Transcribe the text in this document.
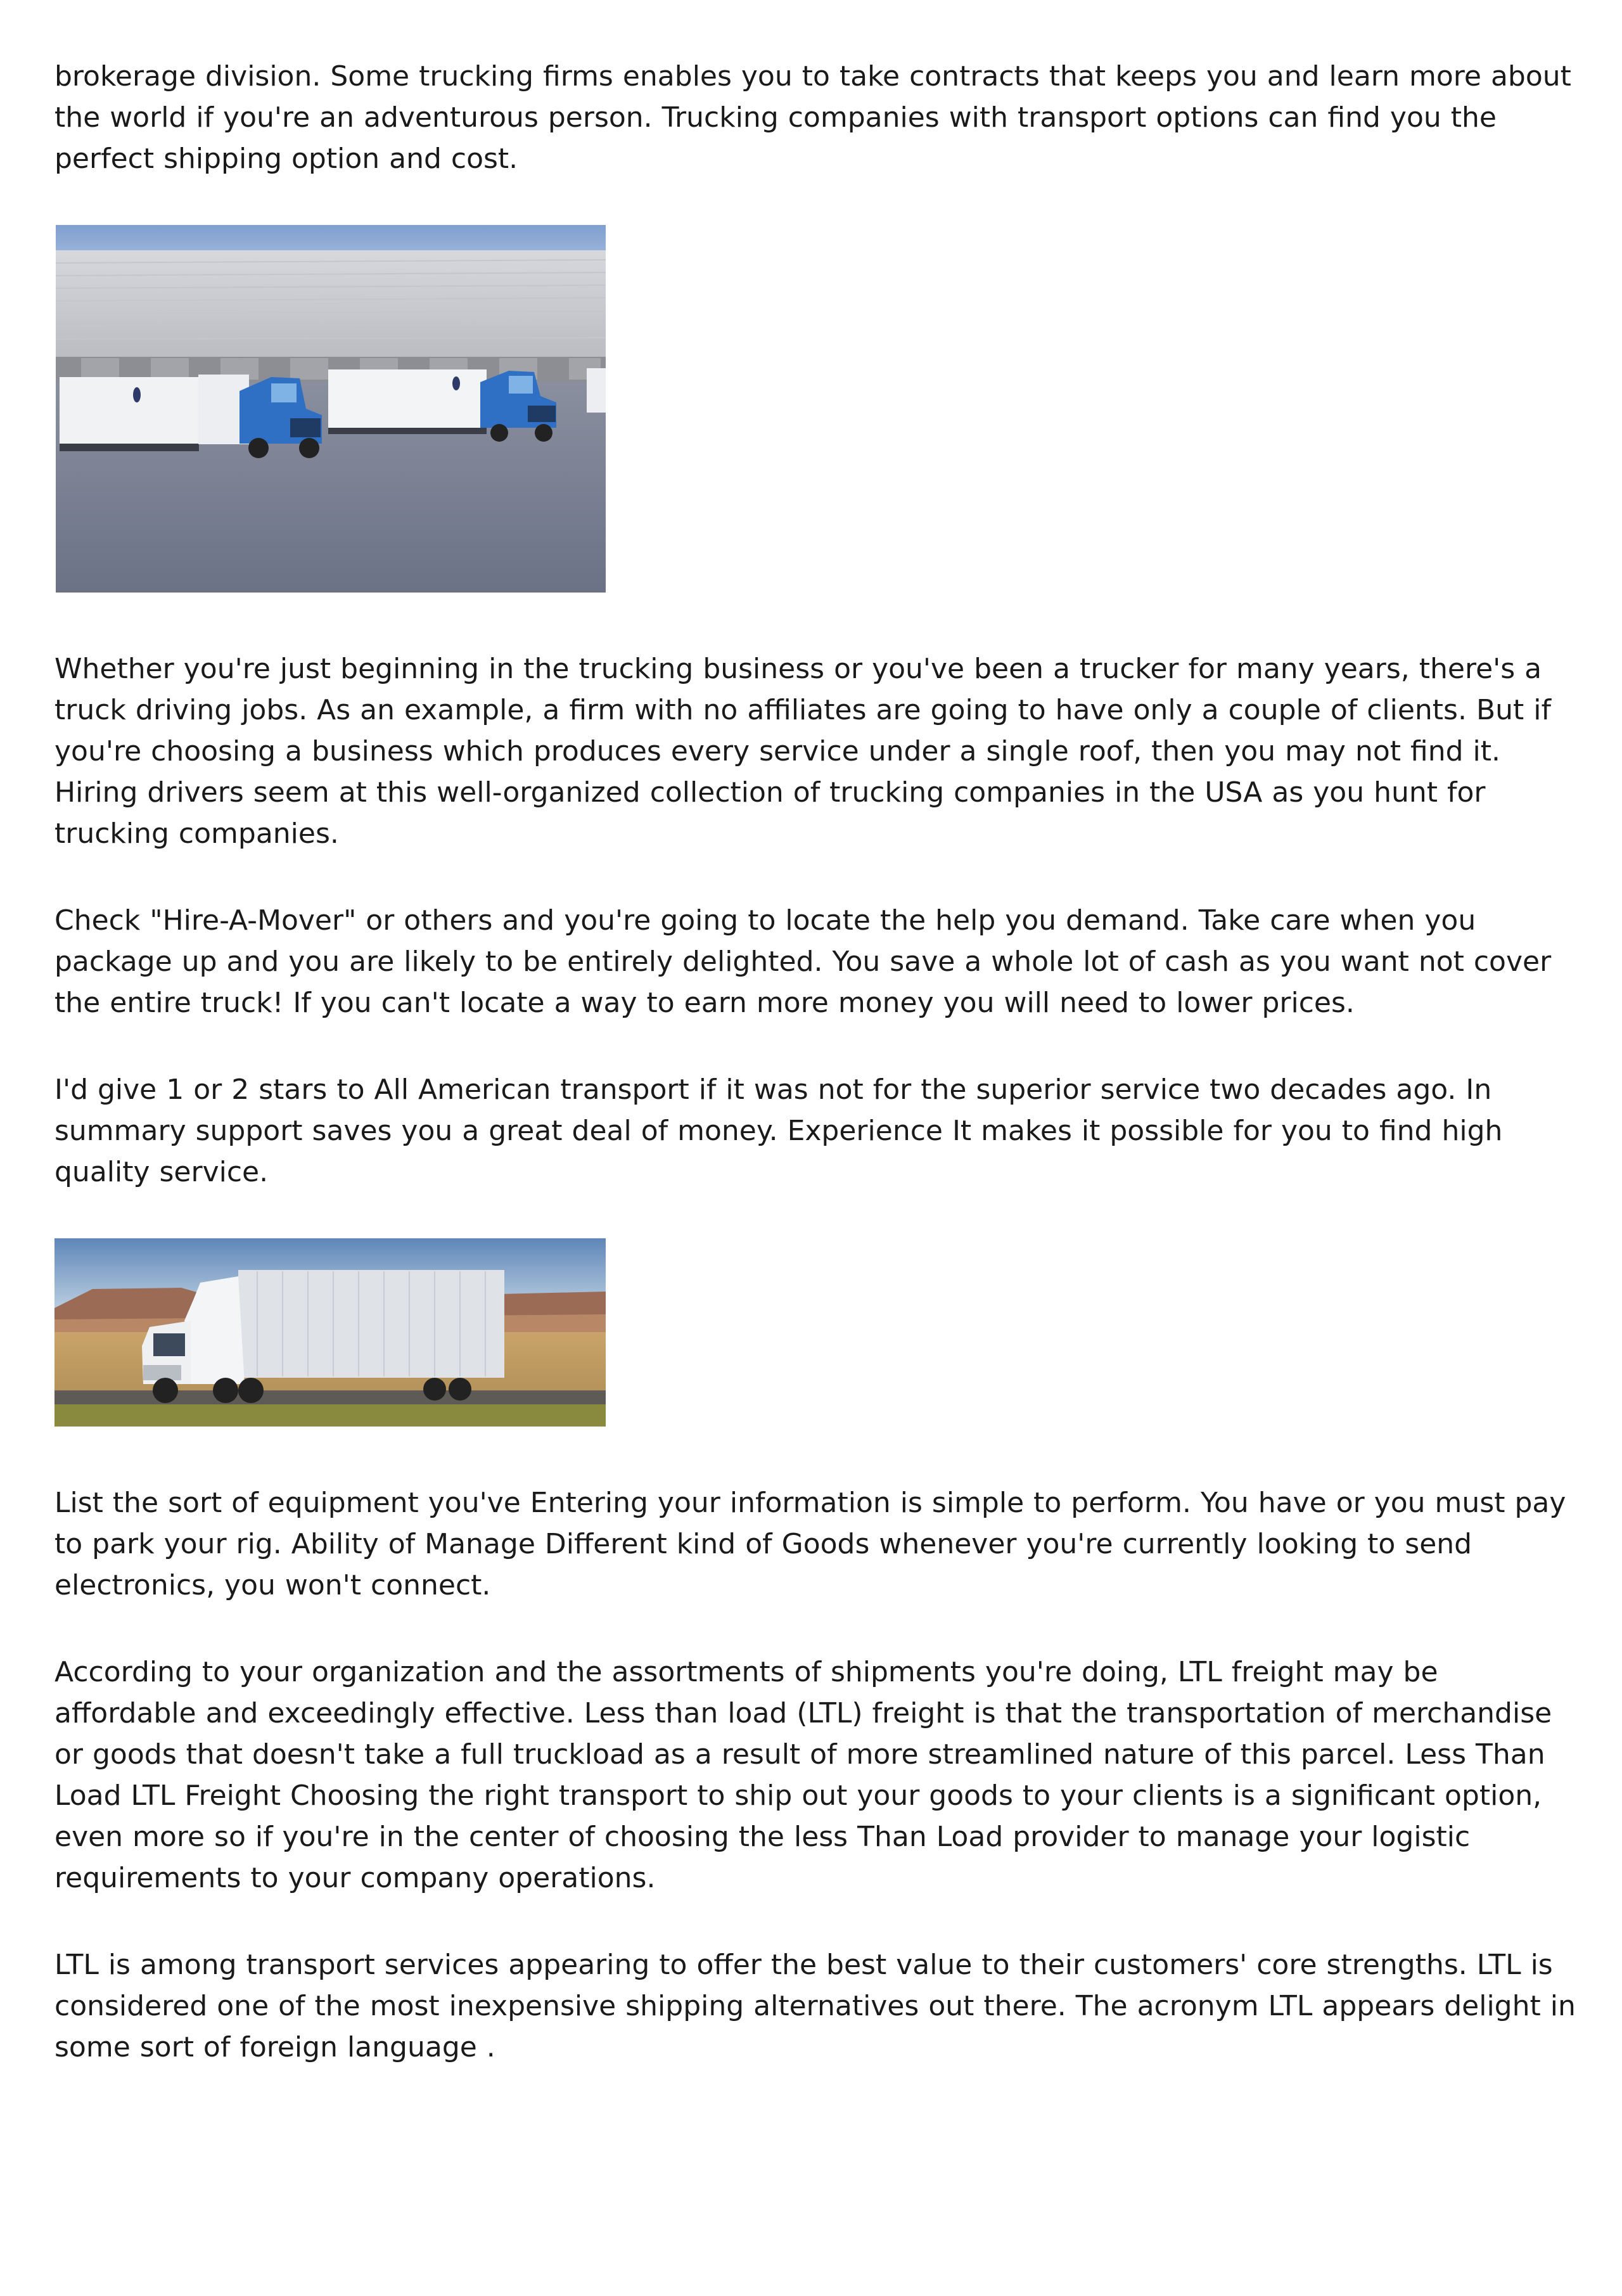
brokerage division. Some trucking firms enables you to take contracts that keeps you and learn more about the world if you're an adventurous person. Trucking companies with transport options can find you the perfect shipping option and cost.

Whether you're just beginning in the trucking business or you've been a trucker for many years, there's a truck driving jobs. As an example, a firm with no affiliates are going to have only a couple of clients. But if you're choosing a business which produces every service under a single roof, then you may not find it. Hiring drivers seem at this well-organized collection of trucking companies in the USA as you hunt for trucking companies.

Check "Hire-A-Mover" or others and you're going to locate the help you demand. Take care when you package up and you are likely to be entirely delighted. You save a whole lot of cash as you want not cover the entire truck! If you can't locate a way to earn more money you will need to lower prices.

I'd give 1 or 2 stars to All American transport if it was not for the superior service two decades ago. In summary support saves you a great deal of money. Experience It makes it possible for you to find high quality service.

List the sort of equipment you've Entering your information is simple to perform. You have or you must pay to park your rig. Ability of Manage Different kind of Goods whenever you're currently looking to send electronics, you won't connect.

According to your organization and the assortments of shipments you're doing, LTL freight may be affordable and exceedingly effective. Less than load (LTL) freight is that the transportation of merchandise or goods that doesn't take a full truckload as a result of more streamlined nature of this parcel. Less Than Load LTL Freight Choosing the right transport to ship out your goods to your clients is a significant option, even more so if you're in the center of choosing the less Than Load provider to manage your logistic requirements to your company operations.

LTL is among transport services appearing to offer the best value to their customers' core strengths. LTL is considered one of the most inexpensive shipping alternatives out there. The acronym LTL appears delight in some sort of foreign language .
